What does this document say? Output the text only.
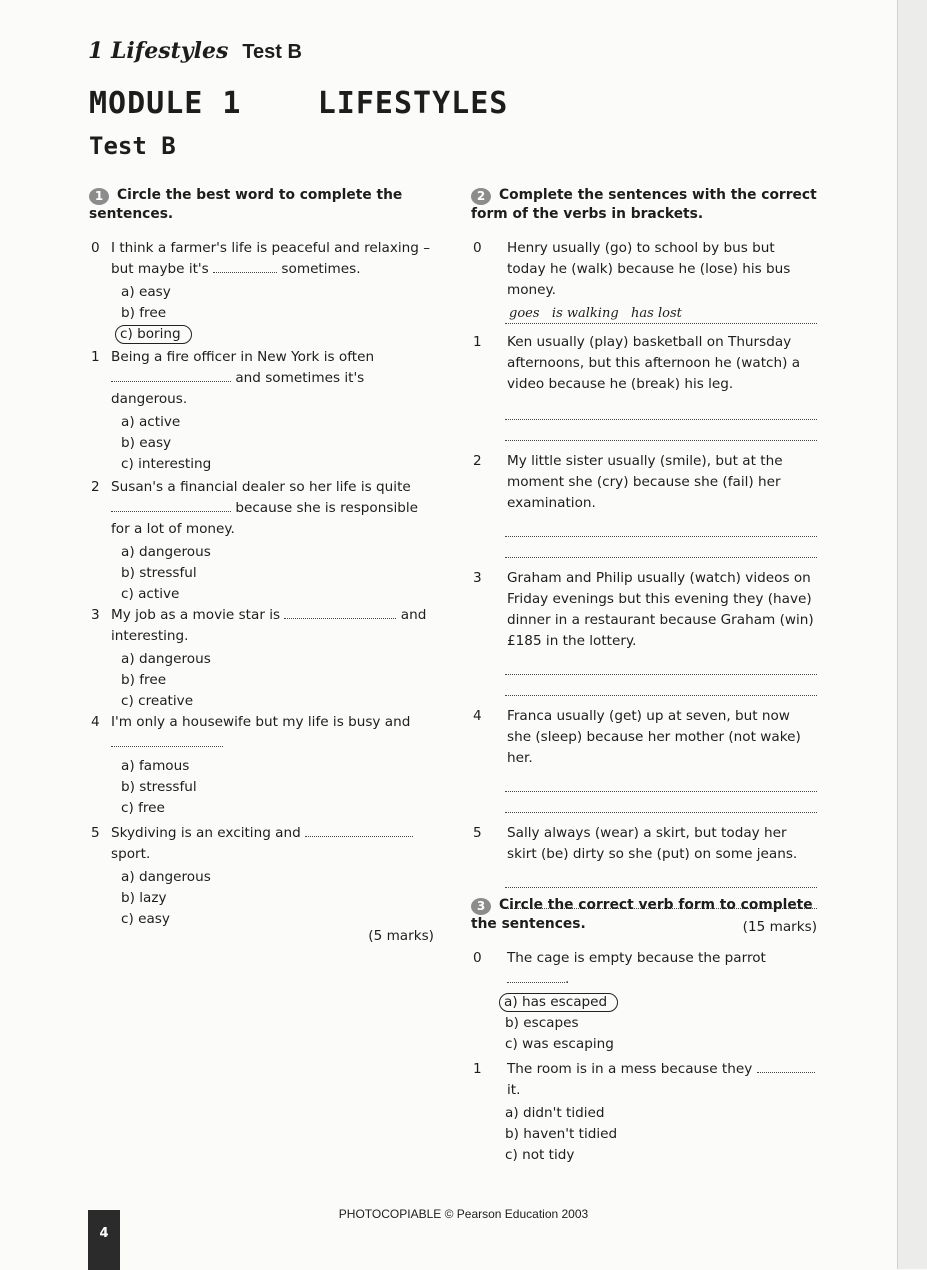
1 Lifestyles Test B
MODULE 1    LIFESTYLES
Test B
1 Circle the best word to complete the sentences.
0 I think a farmer's life is peaceful and relaxing – but maybe it's	sometimes.
a) easy
b) free
c) boring
1 Being a fire officer in New York is often
and sometimes it's dangerous.
a) active
b) easy
c) interesting
2 Susan's a financial dealer so her life is quite
because she is responsible for a lot of money.
a) dangerous
b) stressful
c) active
3 My job as a movie star is	and interesting.
a) dangerous
b) free
c) creative
4 I'm only a housewife but my life is busy and

a) famous
b) stressful
c) free
5 Skydiving is an exciting and
sport.
a) dangerous
b) lazy
c) easy
(5 marks)
2 Complete the sentences with the correct form of the verbs in brackets.
0	Henry usually (go) to school by bus but today he (walk) because he (lose) his bus money.
goes   is walking   has lost
1	Ken usually (play) basketball on Thursday afternoons, but this afternoon he (watch) a video because he (break) his leg.
2	My little sister usually (smile), but at the moment she (cry) because she (fail) her examination.
3	Graham and Philip usually (watch) videos on Friday evenings but this evening they (have) dinner in a restaurant because Graham (win) £185 in the lottery.
4	Franca usually (get) up at seven, but now she (sleep) because her mother (not wake) her.
5	Sally always (wear) a skirt, but today her skirt (be) dirty so she (put) on some jeans.
(15 marks)
3 Circle the correct verb form to complete the sentences.
0	The cage is empty because the parrot .
a) has escaped
b) escapes
c) was escaping
1	The room is in a mess because they  it.
a) didn't tidied
b) haven't tidied
c) not tidy
PHOTOCOPIABLE © Pearson Education 2003
4
